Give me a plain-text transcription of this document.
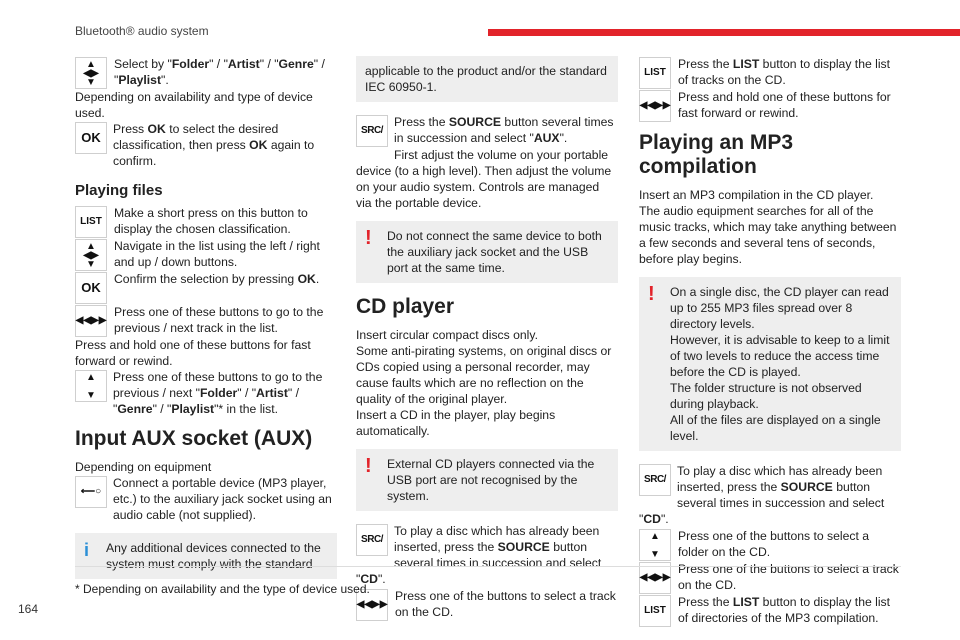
Bluetooth® audio system
▲
◀▶
▼

Select by "Folder" / "Artist" / "Genre" / "Playlist".

Depending on availability and type of device used.

OK
Press OK to select the desired classification, then press OK again to confirm.
Playing files
LIST

Make a short press on this button to display the chosen classification.

▲
◀▶
▼

Navigate in the list using the left / right and up / down buttons.

OK

Confirm the selection by pressing OK.

◀◀▶▶

Press one of these buttons to go to the previous / next track in the list.

Press and hold one of these buttons for fast forward or rewind.

▲

▼
Press one of these buttons to go to the previous / next "Folder" / "Artist" / "Genre" / "Playlist"* in the list.
Input AUX socket (AUX)

Depending on equipment

⟵○
Connect a portable device (MP3 player, etc.) to the auxiliary jack socket using an audio cable (not supplied).
i Any additional devices connected to the system must comply with the standard
applicable to the product and/or the standard IEC 60950-1.
SRC /
Press the SOURCE button several times in succession and select "AUX".

First adjust the volume on your portable device (to a high level). Then adjust the volume on your audio system. Controls are managed via the portable device.

! Do not connect the same device to both the auxiliary jack socket and the USB port at the same time.
CD player

Insert circular compact discs only.
Some anti-pirating systems, on original discs or CDs copied using a personal recorder, may cause faults which are no reflection on the quality of the original player.
Insert a CD in the player, play begins automatically.

! External CD players connected via the USB port are not recognised by the system.
SRC /
To play a disc which has already been inserted, press the SOURCE button several times in succession and select "CD".
◀◀▶▶

Press one of the buttons to select a track on the CD.

LIST

Press the LIST button to display the list of tracks on the CD.

◀◀▶▶

Press and hold one of these buttons for fast forward or rewind.

Playing an MP3 compilation

Insert an MP3 compilation in the CD player.
The audio equipment searches for all of the music tracks, which may take anything between a few seconds and several tens of seconds, before play begins.

! On a single disc, the CD player can read up to 255 MP3 files spread over 8 directory levels.
However, it is advisable to keep to a limit of two levels to reduce the access time before the CD is played.
The folder structure is not observed during playback.
All of the files are displayed on a single level.
SRC /
To play a disc which has already been inserted, press the SOURCE button several times in succession and select "CD".
▲

▼

Press one of the buttons to select a folder on the CD.

◀◀▶▶

Press one of the buttons to select a track on the CD.

LIST

Press the LIST button to display the list of directories of the MP3 compilation.

* Depending on availability and the type of device used.
164
